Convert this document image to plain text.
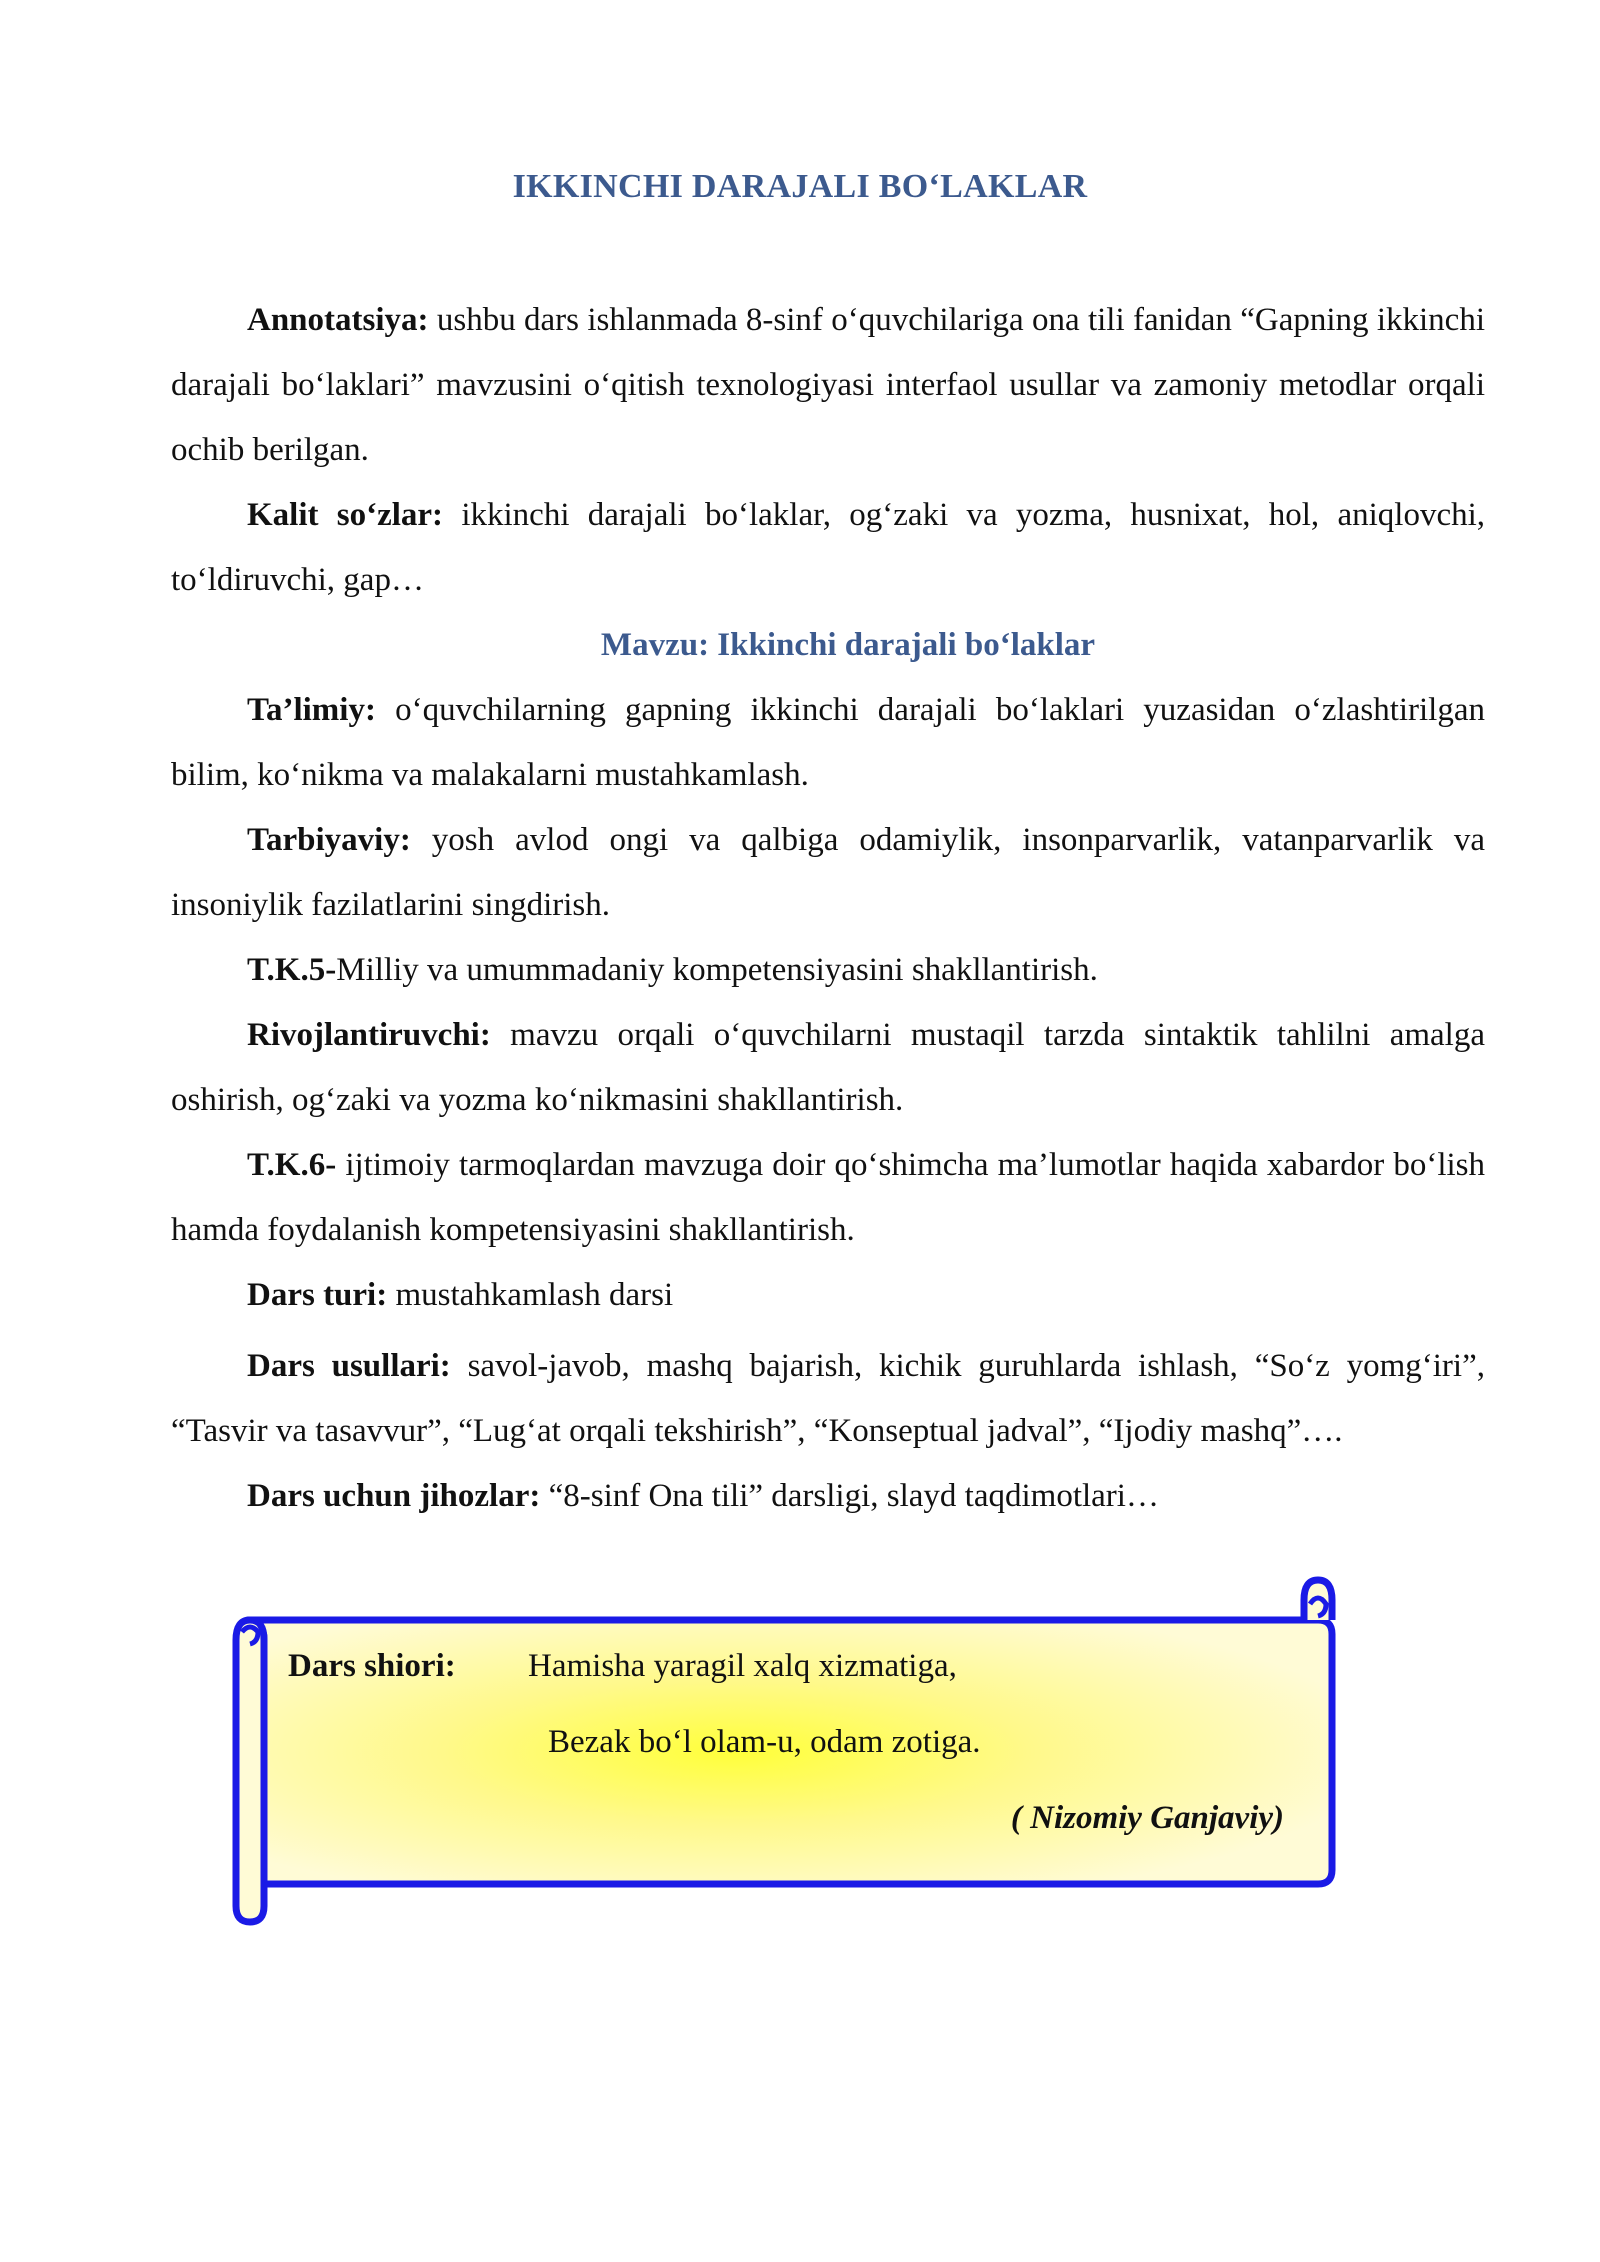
IKKINCHI DARAJALI BO‘LAKLAR

Annotatsiya: ushbu dars ishlanmada 8-sinf o‘quvchilariga ona tili fanidan “Gapning ikkinchi darajali bo‘laklari” mavzusini o‘qitish texnologiyasi interfaol usullar va zamoniy metodlar orqali ochib berilgan.

Kalit so‘zlar: ikkinchi darajali bo‘laklar, og‘zaki va yozma, husnixat, hol, aniqlovchi, to‘ldiruvchi, gap…

Mavzu: Ikkinchi darajali bo‘laklar

Ta’limiy: o‘quvchilarning gapning ikkinchi darajali bo‘laklari yuzasidan o‘zlashtirilgan bilim, ko‘nikma va malakalarni mustahkamlash.

Tarbiyaviy: yosh avlod ongi va qalbiga odamiylik, insonparvarlik, vatanparvarlik va insoniylik fazilatlarini singdirish.

T.K.5-Milliy va umummadaniy kompetensiyasini shakllantirish.

Rivojlantiruvchi: mavzu orqali o‘quvchilarni mustaqil tarzda sintaktik tahlilni amalga oshirish, og‘zaki va yozma ko‘nikmasini shakllantirish.

T.K.6- ijtimoiy tarmoqlardan mavzuga doir qo‘shimcha ma’lumotlar haqida xabardor bo‘lish hamda foydalanish kompetensiyasini shakllantirish.

Dars turi: mustahkamlash darsi

Dars usullari: savol-javob, mashq bajarish, kichik guruhlarda ishlash, “So‘z yomg‘iri”, “Tasvir va tasavvur”, “Lug‘at orqali tekshirish”, “Konseptual jadval”, “Ijodiy mashq”….

Dars uchun jihozlar: “8-sinf Ona tili” darsligi, slayd taqdimotlari…

Dars shiori: Hamisha yaragil xalq xizmatiga,
Bezak bo‘l olam-u, odam zotiga.
( Nizomiy Ganjaviy)
